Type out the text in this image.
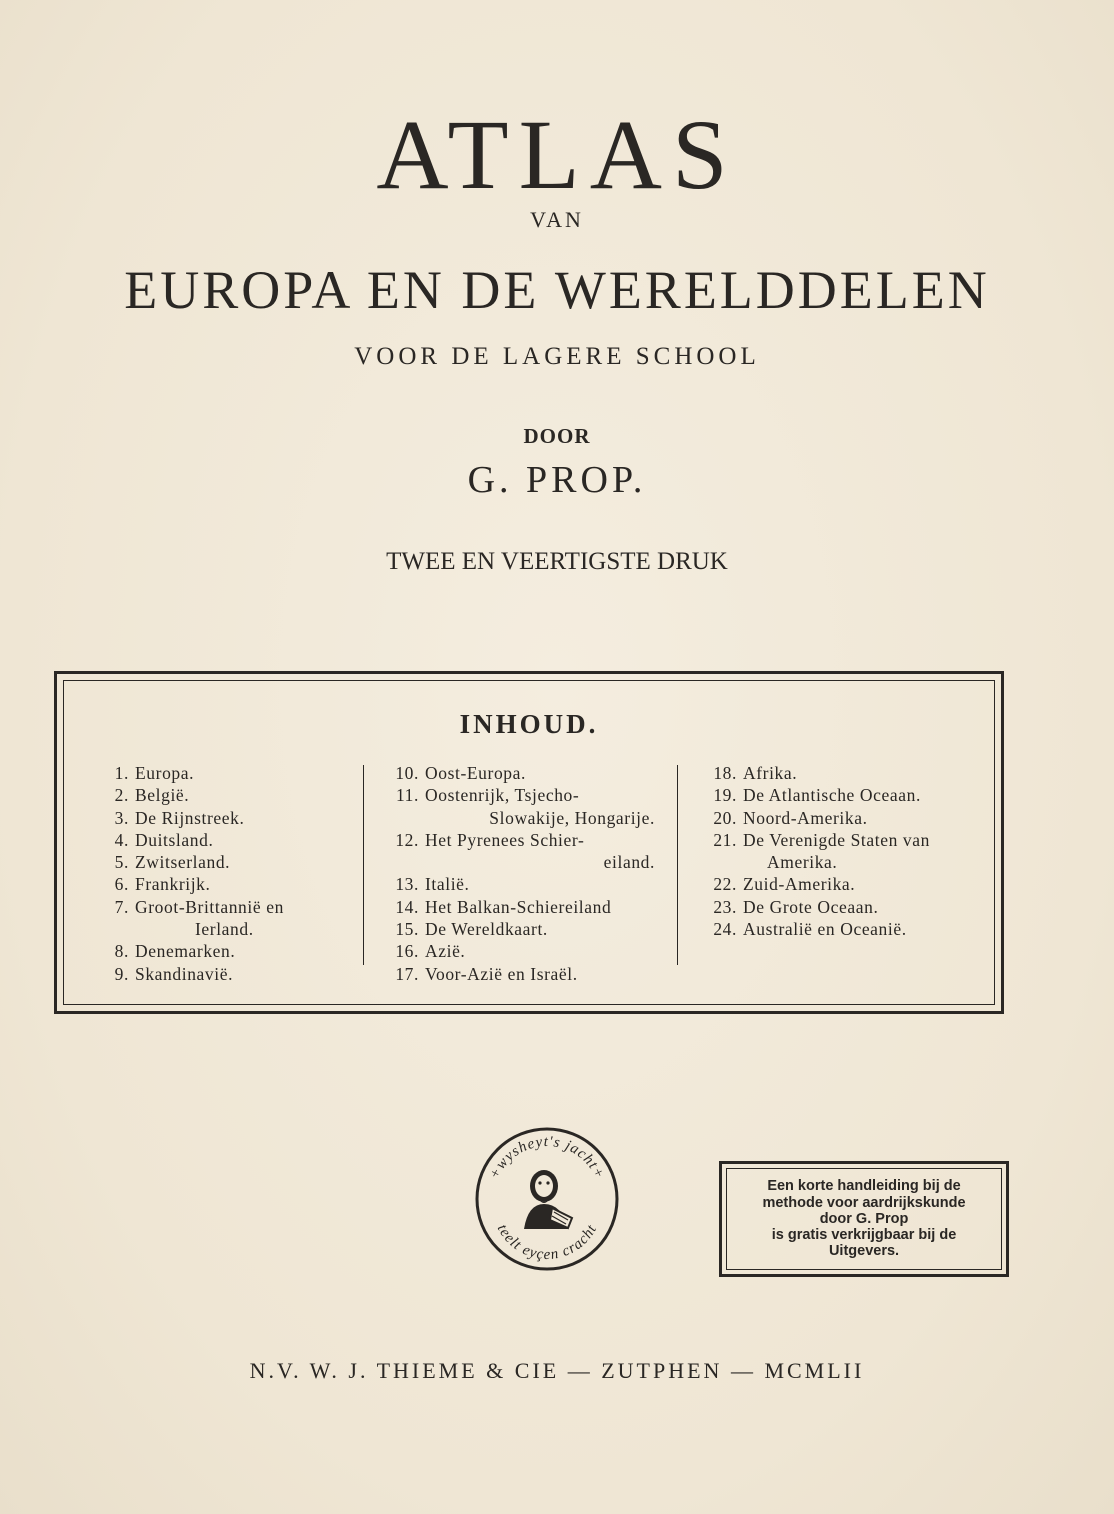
ATLAS
VAN
EUROPA EN DE WERELDDELEN
VOOR DE LAGERE SCHOOL
DOOR
G. PROP.
TWEE EN VEERTIGSTE DRUK
INHOUD.
1. Europa.
2. België.
3. De Rijnstreek.
4. Duitsland.
5. Zwitserland.
6. Frankrijk.
7. Groot-Brittannië en
Ierland.
8. Denemarken.
9. Skandinavië.
10. Oost-Europa.
11. Oostenrijk, Tsjecho-
Slowakije, Hongarije.
12. Het Pyrenees Schier-
eiland.
13. Italië.
14. Het Balkan-Schiereiland
15. De Wereldkaart.
16. Azië.
17. Voor-Azië en Israël.
18. Afrika.
19. De Atlantische Oceaan.
20. Noord-Amerika.
21. De Verenigde Staten van
Amerika.
22. Zuid-Amerika.
23. De Grote Oceaan.
24. Australië en Oceanië.
+wysheyt's jacht+
teelt eyçen cracht
Een korte handleiding bij de
methode voor aardrijkskunde
door G. Prop
is gratis verkrijgbaar bij de
Uitgevers.
N.V. W. J. THIEME & CIE — ZUTPHEN — MCMLII
